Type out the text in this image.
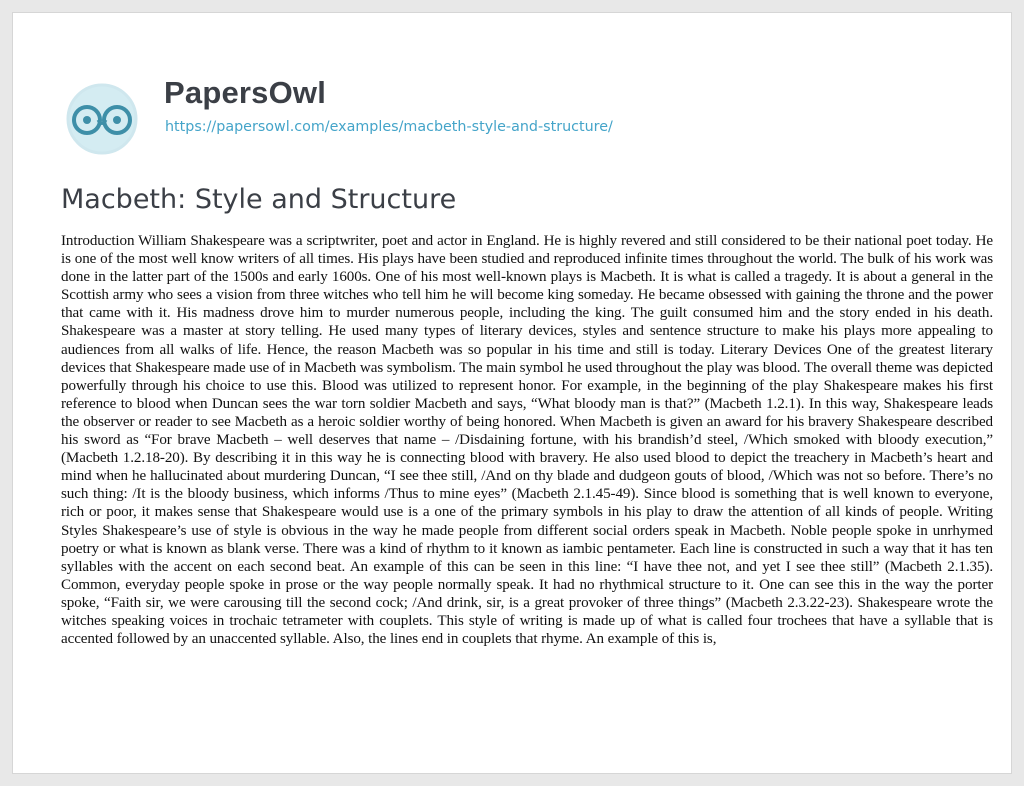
PapersOwl
https://papersowl.com/examples/macbeth-style-and-structure/
Macbeth: Style and Structure

Introduction William Shakespeare was a scriptwriter, poet and actor in England. He is highly revered and still considered to be their national poet today. He is one of the most well know writers of all times. His plays have been studied and reproduced infinite times throughout the world. The bulk of his work was done in the latter part of the 1500s and early 1600s. One of his most well-known plays is Macbeth. It is what is called a tragedy. It is about a general in the Scottish army who sees a vision from three witches who tell him he will become king someday. He became obsessed with gaining the throne and the power that came with it. His madness drove him to murder numerous people, including the king. The guilt consumed him and the story ended in his death. Shakespeare was a master at story telling. He used many types of literary devices, styles and sentence structure to make his plays more appealing to audiences from all walks of life. Hence, the reason Macbeth was so popular in his time and still is today. Literary Devices One of the greatest literary devices that Shakespeare made use of in Macbeth was symbolism. The main symbol he used throughout the play was blood. The overall theme was depicted powerfully through his choice to use this. Blood was utilized to represent honor. For example, in the beginning of the play Shakespeare makes his first reference to blood when Duncan sees the war torn soldier Macbeth and says, “What bloody man is that?” (Macbeth 1.2.1). In this way, Shakespeare leads the observer or reader to see Macbeth as a heroic soldier worthy of being honored. When Macbeth is given an award for his bravery Shakespeare described his sword as “For brave Macbeth – well deserves that name – /Disdaining fortune, with his brandish’d steel, /Which smoked with bloody execution,” (Macbeth 1.2.18-20). By describing it in this way he is connecting blood with bravery. He also used blood to depict the treachery in Macbeth’s heart and mind when he hallucinated about murdering Duncan, “I see thee still, /And on thy blade and dudgeon gouts of blood, /Which was not so before. There’s no such thing: /It is the bloody business, which informs /Thus to mine eyes” (Macbeth 2.1.45-49). Since blood is something that is well known to everyone, rich or poor, it makes sense that Shakespeare would use is a one of the primary symbols in his play to draw the attention of all kinds of people. Writing Styles Shakespeare’s use of style is obvious in the way he made people from different social orders speak in Macbeth. Noble people spoke in unrhymed poetry or what is known as blank verse. There was a kind of rhythm to it known as iambic pentameter. Each line is constructed in such a way that it has ten syllables with the accent on each second beat. An example of this can be seen in this line: “I have thee not, and yet I see thee still” (Macbeth 2.1.35). Common, everyday people spoke in prose or the way people normally speak. It had no rhythmical structure to it. One can see this in the way the porter spoke, “Faith sir, we were carousing till the second cock; /And drink, sir, is a great provoker of three things” (Macbeth 2.3.22-23). Shakespeare wrote the witches speaking voices in trochaic tetrameter with couplets. This style of writing is made up of what is called four trochees that have a syllable that is accented followed by an unaccented syllable. Also, the lines end in couplets that rhyme. An example of this is,
